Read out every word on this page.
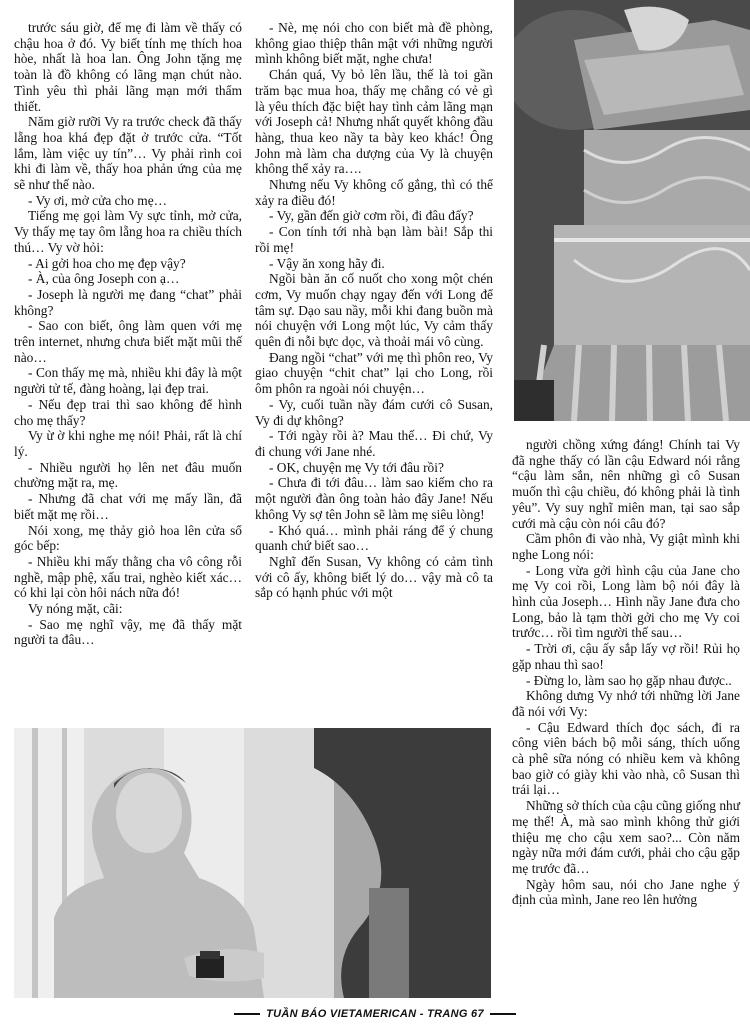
trước sáu giờ, để mẹ đi làm về thấy có chậu hoa ở đó. Vy biết tính mẹ thích hoa hòe, nhất là hoa lan. Ông John tặng mẹ toàn là đồ không có lãng mạn chút nào. Tình yêu thì phải lãng mạn mới thẩm thiết.

Năm giờ rưỡi Vy ra trước check đã thấy lẵng hoa khá đẹp đặt ở trước cửa. “Tốt lắm, làm việc uy tín”… Vy phải rình coi khi đi làm về, thấy hoa phản ứng của mẹ sẽ như thế nào.

- Vy ơi, mở cửa cho mẹ…

Tiếng mẹ gọi làm Vy sực tỉnh, mở cửa, Vy thấy mẹ tay ôm lẵng hoa ra chiều thích thú… Vy vờ hỏi:

- Ai gởi hoa cho mẹ đẹp vậy?

- À, của ông Joseph con ạ…

- Joseph là người mẹ đang “chat” phải không?

- Sao con biết, ông làm quen với mẹ trên internet, nhưng chưa biết mặt mũi thế nào…

- Con thấy mẹ mà, nhiều khi đây là một người tử tế, đàng hoàng, lại đẹp trai.

- Nếu đẹp trai thì sao không để hình cho mẹ thấy?

Vy ừ ờ khi nghe mẹ nói! Phải, rất là chí lý.

- Nhiều người họ lên net đâu muốn chường mặt ra, mẹ.

- Nhưng đã chat với mẹ mấy lần, đã biết mặt mẹ rồi…

Nói xong, mẹ thảy giỏ hoa lên cửa sổ góc bếp:

- Nhiều khi mấy thằng cha vô công rỗi nghề, mập phệ, xấu trai, nghèo kiết xác… có khi lại còn hôi nách nữa đó!

Vy nóng mặt, cãi:

- Sao mẹ nghĩ vậy, mẹ đã thấy mặt người ta đâu…

- Nè, mẹ nói cho con biết mà đề phòng, không giao thiệp thân mật với những người mình không biết mặt, nghe chưa!

Chán quá, Vy bỏ lên lầu, thế là toi gần trăm bạc mua hoa, thấy mẹ chẳng có vẻ gì là yêu thích đặc biệt hay tình cảm lãng mạn với Joseph cả! Nhưng nhất quyết không đầu hàng, thua keo nầy ta bày keo khác! Ông John mà làm cha dượng của Vy là chuyện không thể xảy ra….

Nhưng nếu Vy không cố gắng, thì có thể xảy ra điều đó!

- Vy, gần đến giờ cơm rồi, đi đâu đấy?

- Con tính tới nhà bạn làm bài! Sắp thi rồi mẹ!

- Vậy ăn xong hãy đi.

Ngồi bàn ăn cố nuốt cho xong một chén cơm, Vy muốn chạy ngay đến với Long để tâm sự. Dạo sau nầy, mỗi khi đang buồn mà nói chuyện với Long một lúc, Vy cảm thấy quên đi nỗi bực dọc, và thoải mái vô cùng.

Đang ngồi “chat” với mẹ thì phôn reo, Vy giao chuyện “chit chat” lại cho Long, rồi ôm phôn ra ngoài nói chuyện…

- Vy, cuối tuần nầy đám cưới cô Susan, Vy đi dự không?

- Tới ngày rồi à? Mau thế… Đi chứ, Vy đi chung với Jane nhé.

- OK, chuyện mẹ Vy tới đâu rồi?

- Chưa đi tới đâu… làm sao kiếm cho ra một người đàn ông toàn hảo đây Jane! Nếu không Vy sợ tên John sẽ làm mẹ siêu lòng!

- Khó quá… mình phải ráng để ý chung quanh chứ biết sao…

Nghĩ đến Susan, Vy không có cảm tình với cô ấy, không biết lý do… vậy mà cô ta sắp có hạnh phúc với một

người chồng xứng đáng! Chính tai Vy đã nghe thấy có lần cậu Edward nói rằng “cậu làm sắn, nên những gì cô Susan muốn thì cậu chiều, đó không phải là tình yêu”. Vy suy nghĩ miên man, tại sao sắp cưới mà cậu còn nói câu đó?

Cầm phôn đi vào nhà, Vy giật mình khi nghe Long nói:

- Long vừa gởi hình cậu của Jane cho mẹ Vy coi rồi, Long làm bộ nói đây là hình của Joseph… Hình nầy Jane đưa cho Long, bảo là tạm thời gởi cho mẹ Vy coi trước… rồi tìm người thế sau…

- Trời ơi, cậu ấy sắp lấy vợ rồi! Rủi họ gặp nhau thì sao!

- Đừng lo, làm sao họ gặp nhau được..

Không dưng Vy nhớ tới những lời Jane đã nói với Vy:

- Cậu Edward thích đọc sách, đi ra công viên bách bộ mỗi sáng, thích uống cà phê sữa nóng có nhiều kem và không bao giờ có giày khi vào nhà, cô Susan thì trái lại…

Những sở thích của cậu cũng giống như mẹ thế! À, mà sao mình không thử giới thiệu mẹ cho cậu xem sao?... Còn năm ngày nữa mới đám cưới, phải cho cậu gặp mẹ trước đã…

Ngày hôm sau, nói cho Jane nghe ý định của mình, Jane reo lên hưởng

TUẦN BÁO VIETAMERICAN - TRANG 67
